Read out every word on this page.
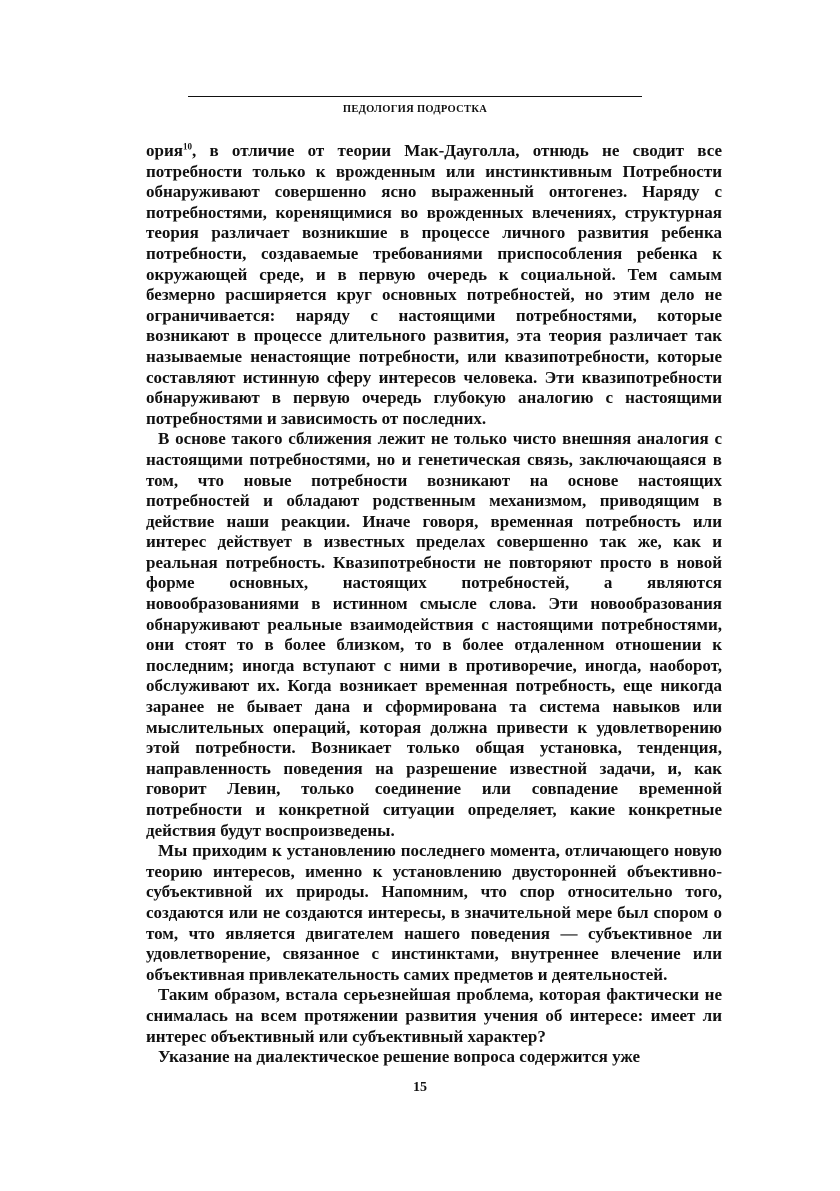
ПЕДОЛОГИЯ ПОДРОСТКА

ория$^{10}$, в отличие от теории Мак-Дауголла, отнюдь не сводит все потребности только к врожденным или инстинктивным Потребности обнаруживают совершенно ясно выраженный онтогенез. Наряду с потребностями, коренящимися во врожденных влечениях, структурная теория различает возникшие в процессе личного развития ребенка потребности, создаваемые требованиями приспособления ребенка к окружающей среде, и в первую очередь к социальной. Тем самым безмерно расширяется круг основных потребностей, но этим дело не ограничивается: наряду с настоящими потребностями, которые возникают в процессе длительного развития, эта теория различает так называемые ненастоящие потребности, или квазипотребности, которые составляют истинную сферу интересов человека. Эти квазипотребности обнаруживают в первую очередь глубокую аналогию с настоящими потребностями и зависимость от последних.

В основе такого сближения лежит не только чисто внешняя аналогия с настоящими потребностями, но и генетическая связь, заключающаяся в том, что новые потребности возникают на основе настоящих потребностей и обладают родственным механизмом, приводящим в действие наши реакции. Иначе говоря, временная потребность или интерес действует в известных пределах совершенно так же, как и реальная потребность. Квазипотребности не повторяют просто в новой форме основных, настоящих потребностей, а являются новообразованиями в истинном смысле слова. Эти новообразования обнаруживают реальные взаимодействия с настоящими потребностями, они стоят то в более близком, то в более отдаленном отношении к последним; иногда вступают с ними в противоречие, иногда, наоборот, обслуживают их. Когда возникает временная потребность, еще никогда заранее не бывает дана и сформирована та система навыков или мыслительных операций, которая должна привести к удовлетворению этой потребности. Возникает только общая установка, тенденция, направленность поведения на разрешение известной задачи, и, как говорит Левин, только соединение или совпадение временной потребности и конкретной ситуации определяет, какие конкретные действия будут воспроизведены.

Мы приходим к установлению последнего момента, отличающего новую теорию интересов, именно к установлению двусторонней объективно-субъективной их природы. Напомним, что спор относительно того, создаются или не создаются интересы, в значительной мере был спором о том, что является двигателем нашего поведения — субъективное ли удовлетворение, связанное с инстинктами, внутреннее влечение или объективная привлекательность самих предметов и деятельностей.

Таким образом, встала серьезнейшая проблема, которая фактически не снималась на всем протяжении развития учения об интересе: имеет ли интерес объективный или субъективный характер?

Указание на диалектическое решение вопроса содержится уже

15
